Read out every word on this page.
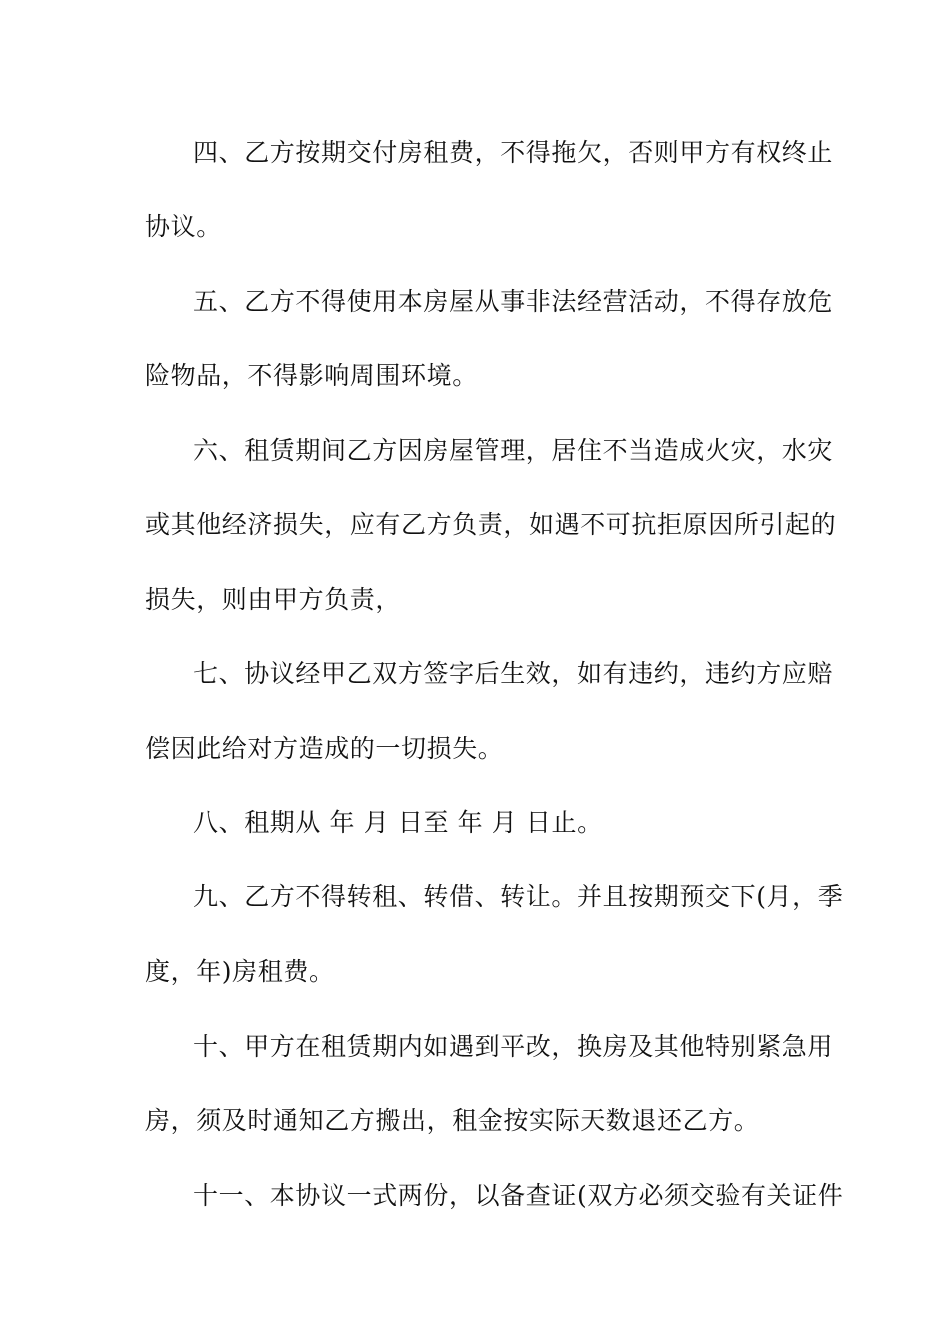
四、乙方按期交付房租费，不得拖欠，否则甲方有权终止
协议。
五、乙方不得使用本房屋从事非法经营活动，不得存放危
险物品，不得影响周围环境。
六、租赁期间乙方因房屋管理，居住不当造成火灾，水灾
或其他经济损失，应有乙方负责，如遇不可抗拒原因所引起的
损失，则由甲方负责，
七、协议经甲乙双方签字后生效，如有违约，违约方应赔
偿因此给对方造成的一切损失。
八、租期从 年 月 日至 年 月 日止。
九、乙方不得转租、转借、转让。并且按期预交下(月，季
度，年)房租费。
十、甲方在租赁期内如遇到平改，换房及其他特别紧急用
房，须及时通知乙方搬出，租金按实际天数退还乙方。
十一、本协议一式两份，以备查证(双方必须交验有关证件
